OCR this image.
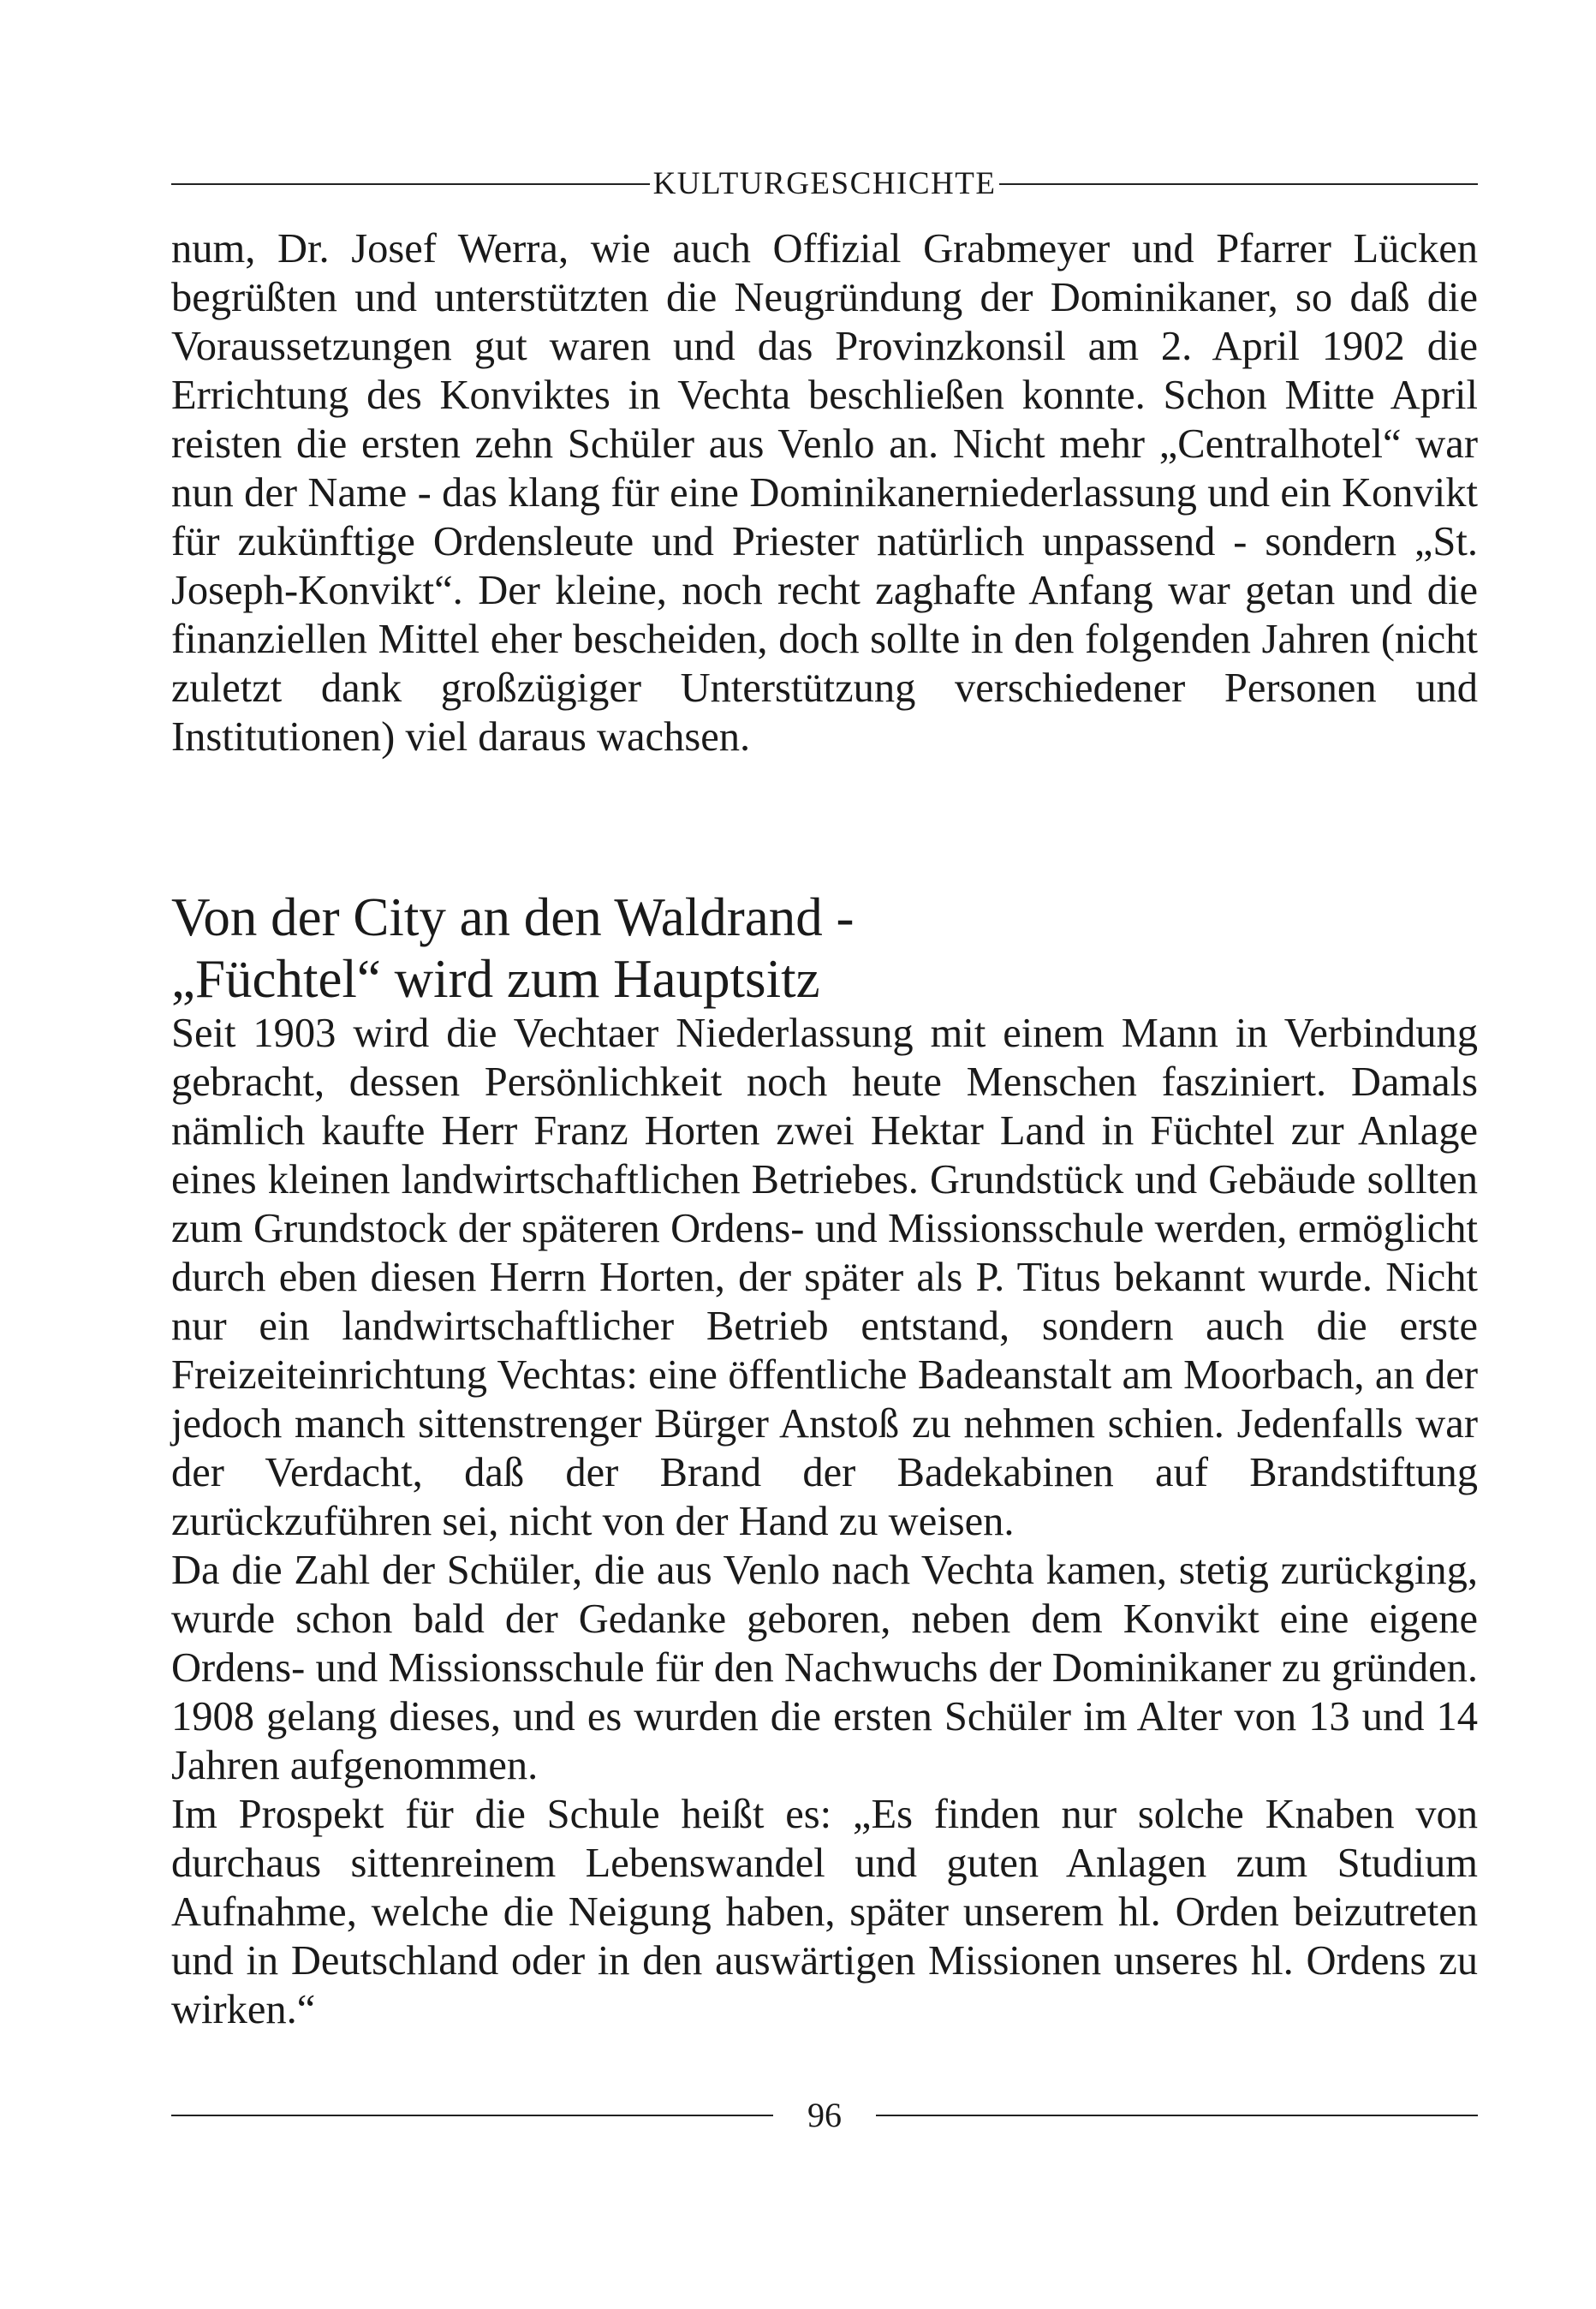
KULTURGESCHICHTE

num, Dr. Josef Werra, wie auch Offizial Grabmeyer und Pfarrer Lücken begrüßten und unterstützten die Neugründung der Dominikaner, so daß die Voraussetzungen gut waren und das Provinzkonsil am 2. April 1902 die Errichtung des Konviktes in Vechta beschließen konnte. Schon Mitte April reisten die ersten zehn Schüler aus Venlo an. Nicht mehr „Centralhotel“ war nun der Name - das klang für eine Dominikanerniederlassung und ein Konvikt für zukünftige Ordensleute und Priester natürlich unpassend - sondern „St. Joseph-Konvikt“. Der kleine, noch recht zaghafte Anfang war getan und die finanziellen Mittel eher bescheiden, doch sollte in den folgenden Jahren (nicht zuletzt dank großzügiger Unterstützung verschiedener Personen und Institutionen) viel daraus wachsen.

Von der City an den Waldrand -
„Füchtel“ wird zum Hauptsitz

Seit 1903 wird die Vechtaer Niederlassung mit einem Mann in Verbindung gebracht, dessen Persönlichkeit noch heute Menschen fasziniert. Damals nämlich kaufte Herr Franz Horten zwei Hektar Land in Füchtel zur Anlage eines kleinen landwirtschaftlichen Betriebes. Grundstück und Gebäude sollten zum Grundstock der späteren Ordens- und Missionsschule werden, ermöglicht durch eben diesen Herrn Horten, der später als P. Titus bekannt wurde. Nicht nur ein landwirtschaftlicher Betrieb entstand, sondern auch die erste Freizeiteinrichtung Vechtas: eine öffentliche Badeanstalt am Moorbach, an der jedoch manch sittenstrenger Bürger Anstoß zu nehmen schien. Jedenfalls war der Verdacht, daß der Brand der Badekabinen auf Brandstiftung zurückzuführen sei, nicht von der Hand zu weisen.

Da die Zahl der Schüler, die aus Venlo nach Vechta kamen, stetig zurückging, wurde schon bald der Gedanke geboren, neben dem Konvikt eine eigene Ordens- und Missionsschule für den Nachwuchs der Dominikaner zu gründen. 1908 gelang dieses, und es wurden die ersten Schüler im Alter von 13 und 14 Jahren aufgenommen.

Im Prospekt für die Schule heißt es: „Es finden nur solche Knaben von durchaus sittenreinem Lebenswandel und guten Anlagen zum Studium Aufnahme, welche die Neigung haben, später unserem hl. Orden beizutreten und in Deutschland oder in den auswärtigen Missionen unseres hl. Ordens zu wirken.“

96
